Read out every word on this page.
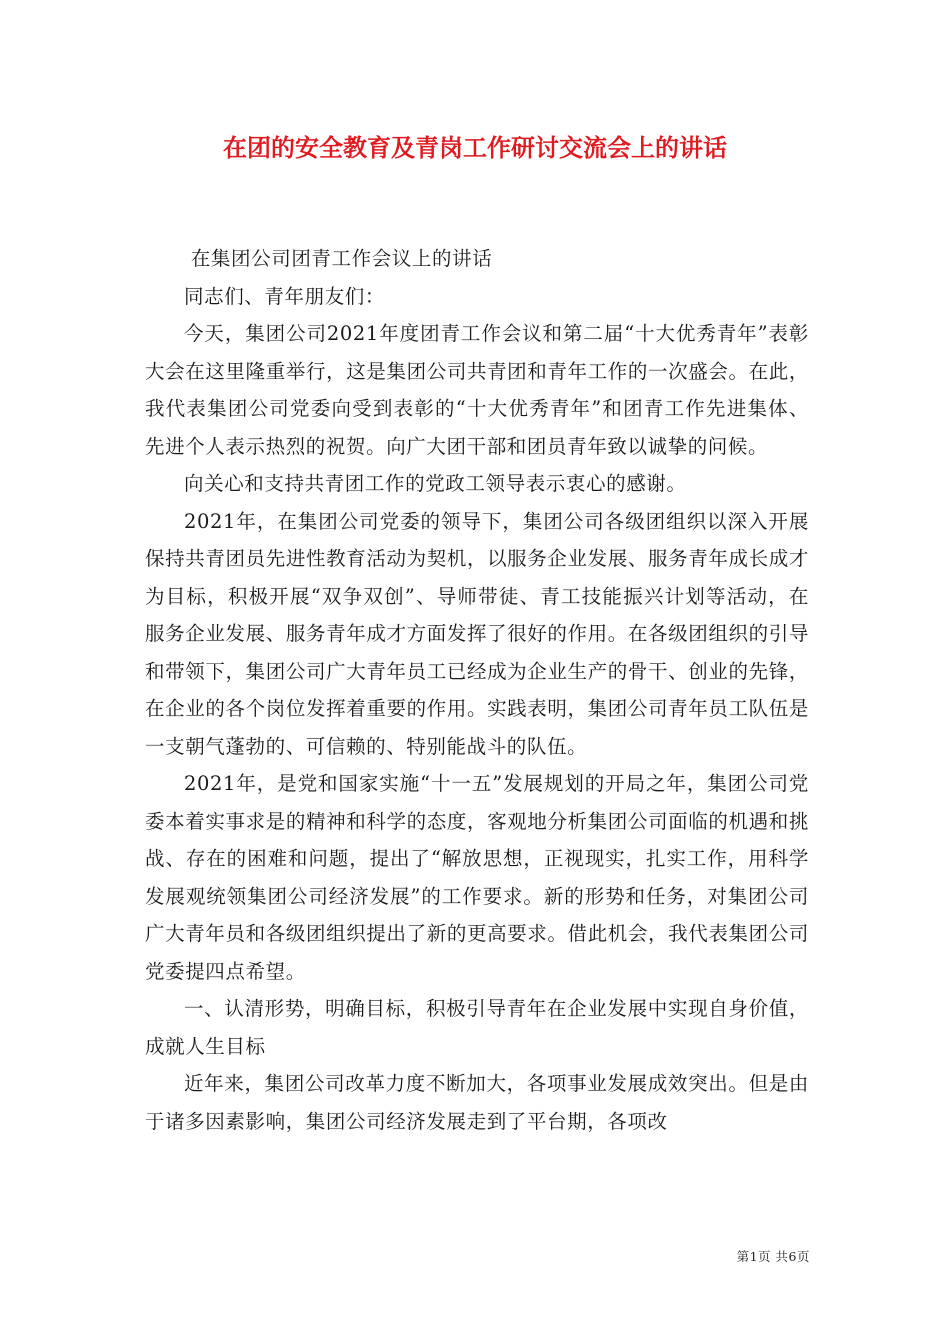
在团的安全教育及青岗工作研讨交流会上的讲话

在集团公司团青工作会议上的讲话

同志们、青年朋友们：

今天，集团公司2021年度团青工作会议和第二届“十大优秀青年”表彰大会在这里隆重举行，这是集团公司共青团和青年工作的一次盛会。在此，我代表集团公司党委向受到表彰的“十大优秀青年”和团青工作先进集体、先进个人表示热烈的祝贺。向广大团干部和团员青年致以诚挚的问候。

向关心和支持共青团工作的党政工领导表示衷心的感谢。

2021年，在集团公司党委的领导下，集团公司各级团组织以深入开展保持共青团员先进性教育活动为契机，以服务企业发展、服务青年成长成才为目标，积极开展“双争双创”、导师带徒、青工技能振兴计划等活动，在服务企业发展、服务青年成才方面发挥了很好的作用。在各级团组织的引导和带领下，集团公司广大青年员工已经成为企业生产的骨干、创业的先锋，在企业的各个岗位发挥着重要的作用。实践表明，集团公司青年员工队伍是一支朝气蓬勃的、可信赖的、特别能战斗的队伍。

2021年，是党和国家实施“十一五”发展规划的开局之年，集团公司党委本着实事求是的精神和科学的态度，客观地分析集团公司面临的机遇和挑战、存在的困难和问题，提出了“解放思想，正视现实，扎实工作，用科学发展观统领集团公司经济发展”的工作要求。新的形势和任务，对集团公司广大青年员和各级团组织提出了新的更高要求。借此机会，我代表集团公司党委提四点希望。

一、认清形势，明确目标，积极引导青年在企业发展中实现自身价值，成就人生目标

近年来，集团公司改革力度不断加大，各项事业发展成效突出。但是由于诸多因素影响，集团公司经济发展走到了平台期，各项改

第1页 共6页
